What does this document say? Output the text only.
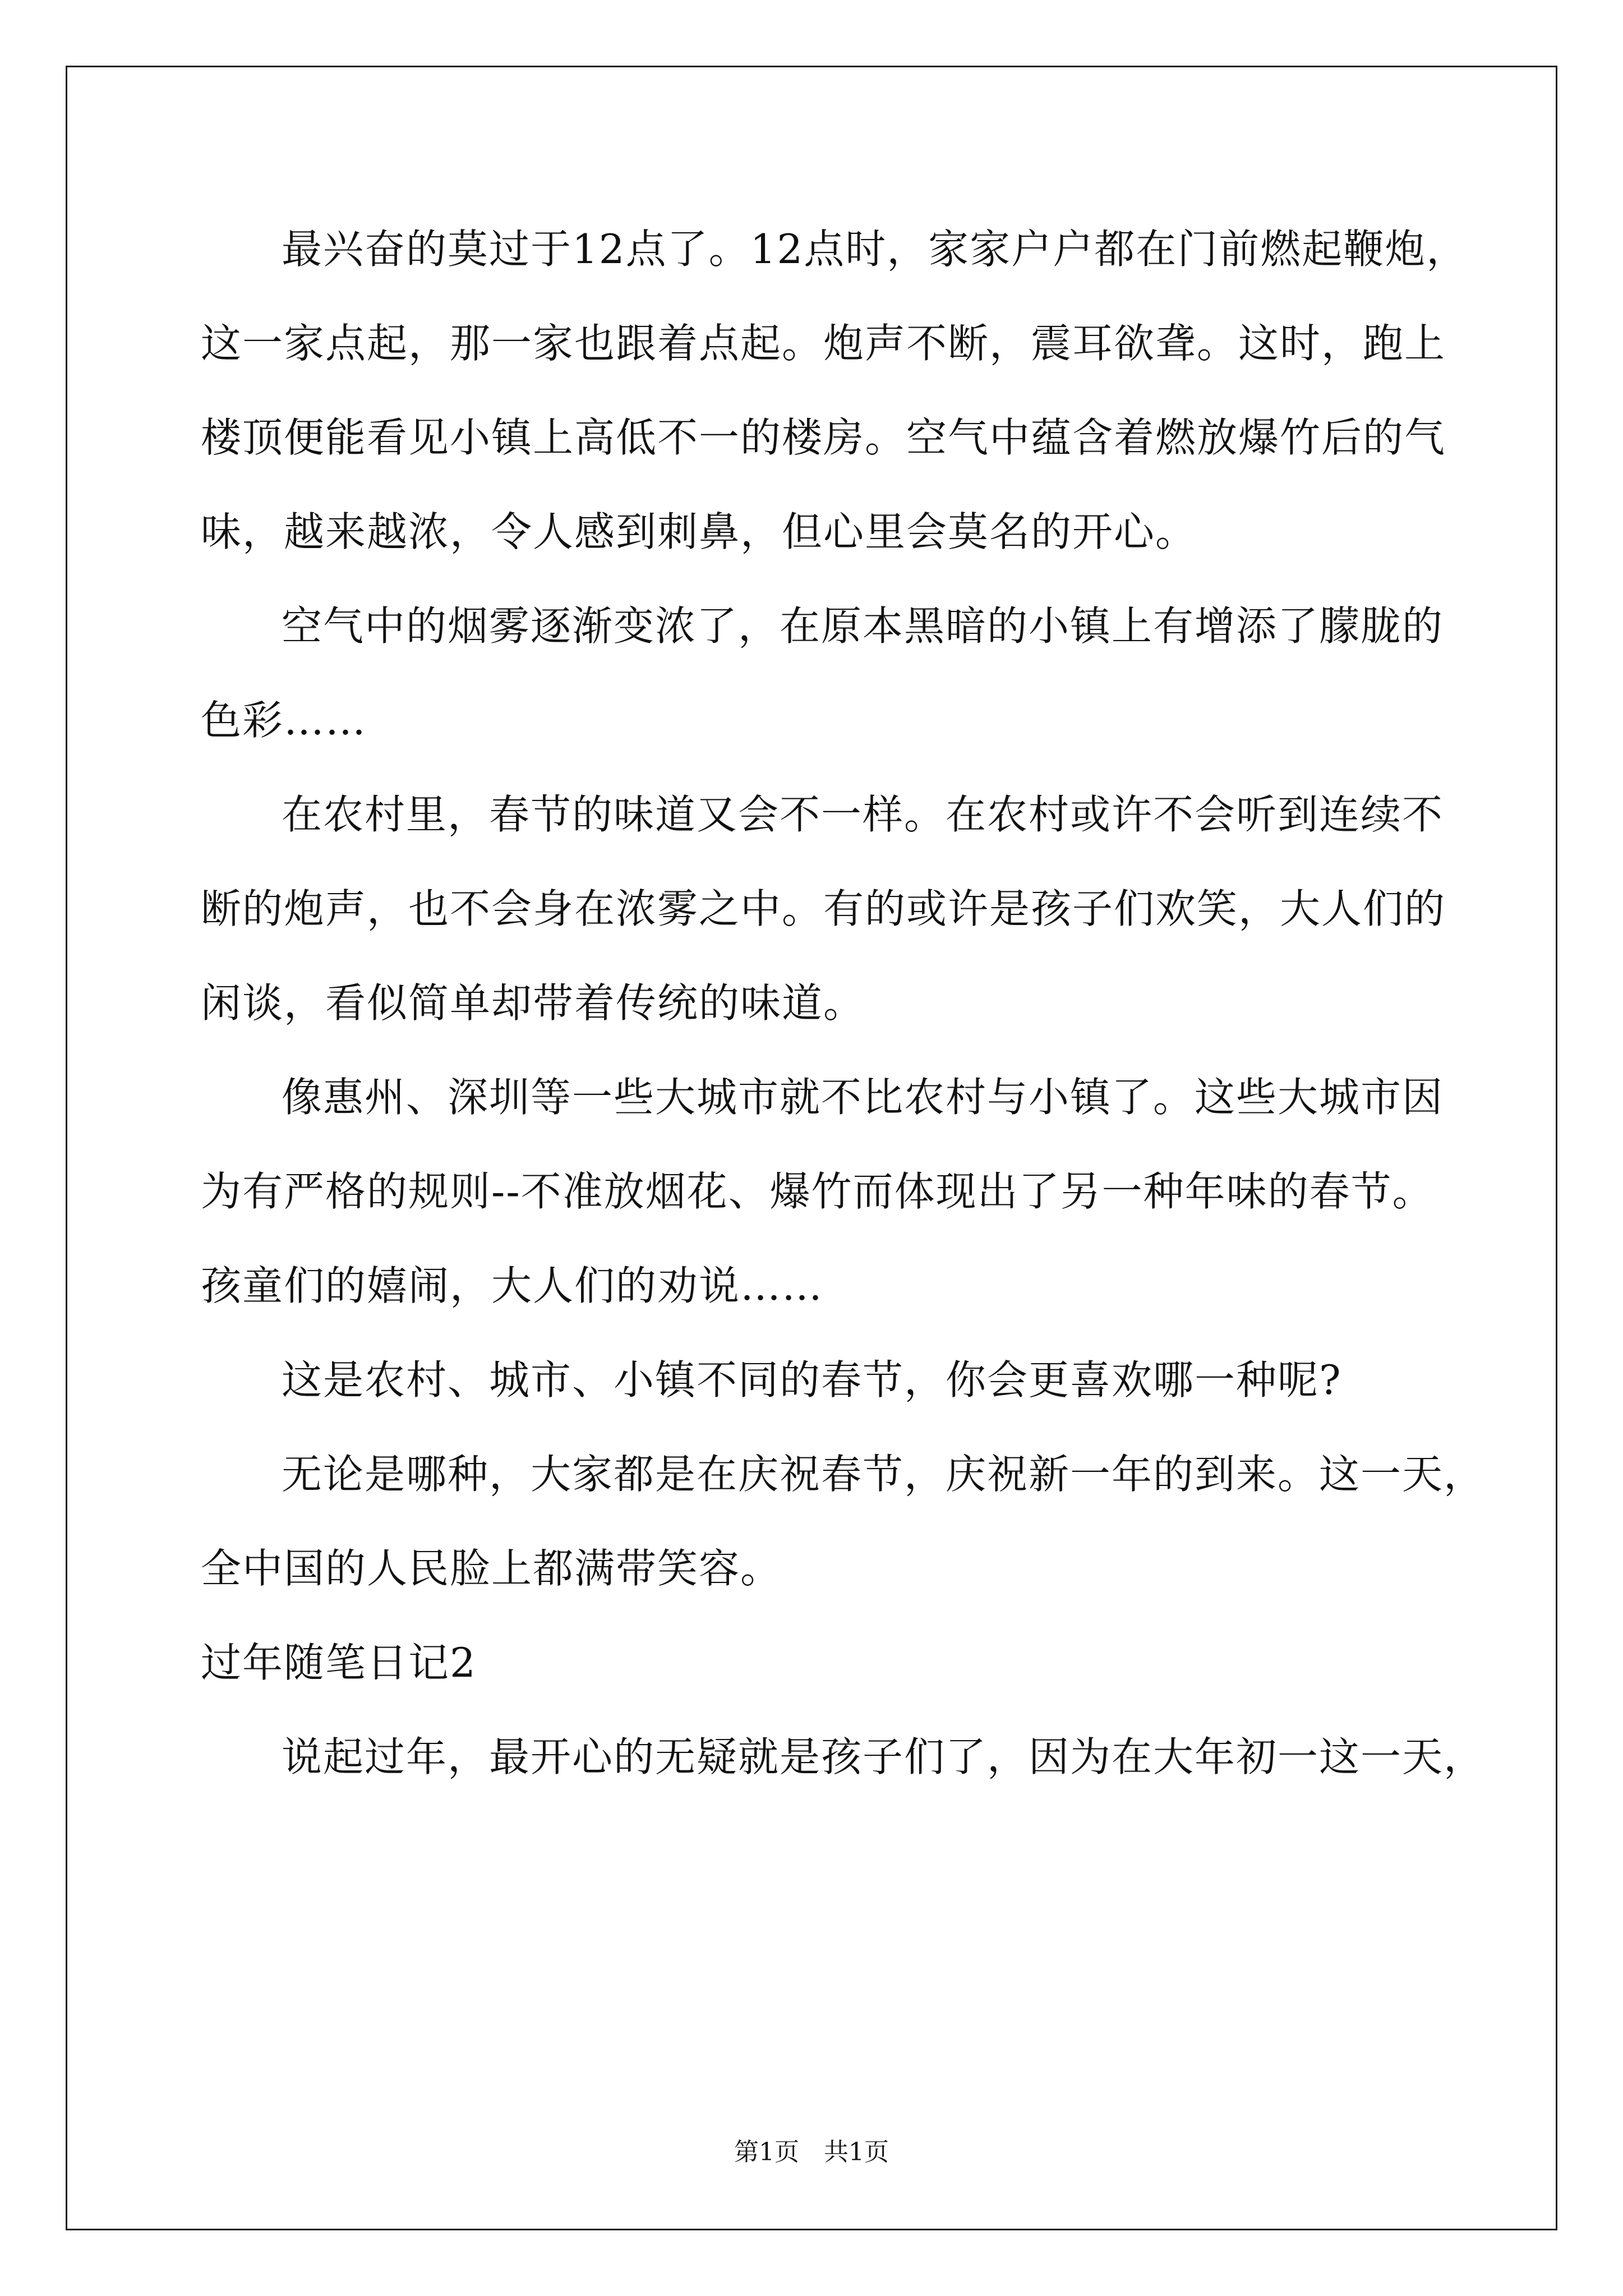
最兴奋的莫过于12点了。12点时，家家户户都在门前燃起鞭炮，
这一家点起，那一家也跟着点起。炮声不断，震耳欲聋。这时，跑上
楼顶便能看见小镇上高低不一的楼房。空气中蕴含着燃放爆竹后的气
味，越来越浓，令人感到刺鼻，但心里会莫名的开心。
空气中的烟雾逐渐变浓了，在原本黑暗的小镇上有增添了朦胧的
色彩……
在农村里，春节的味道又会不一样。在农村或许不会听到连续不
断的炮声，也不会身在浓雾之中。有的或许是孩子们欢笑，大人们的
闲谈，看似简单却带着传统的味道。
像惠州、深圳等一些大城市就不比农村与小镇了。这些大城市因
为有严格的规则--不准放烟花、爆竹而体现出了另一种年味的春节。
孩童们的嬉闹，大人们的劝说……
这是农村、城市、小镇不同的春节，你会更喜欢哪一种呢?
无论是哪种，大家都是在庆祝春节，庆祝新一年的到来。这一天，
全中国的人民脸上都满带笑容。
过年随笔日记2
说起过年，最开心的无疑就是孩子们了，因为在大年初一这一天，
第1页 共1页
